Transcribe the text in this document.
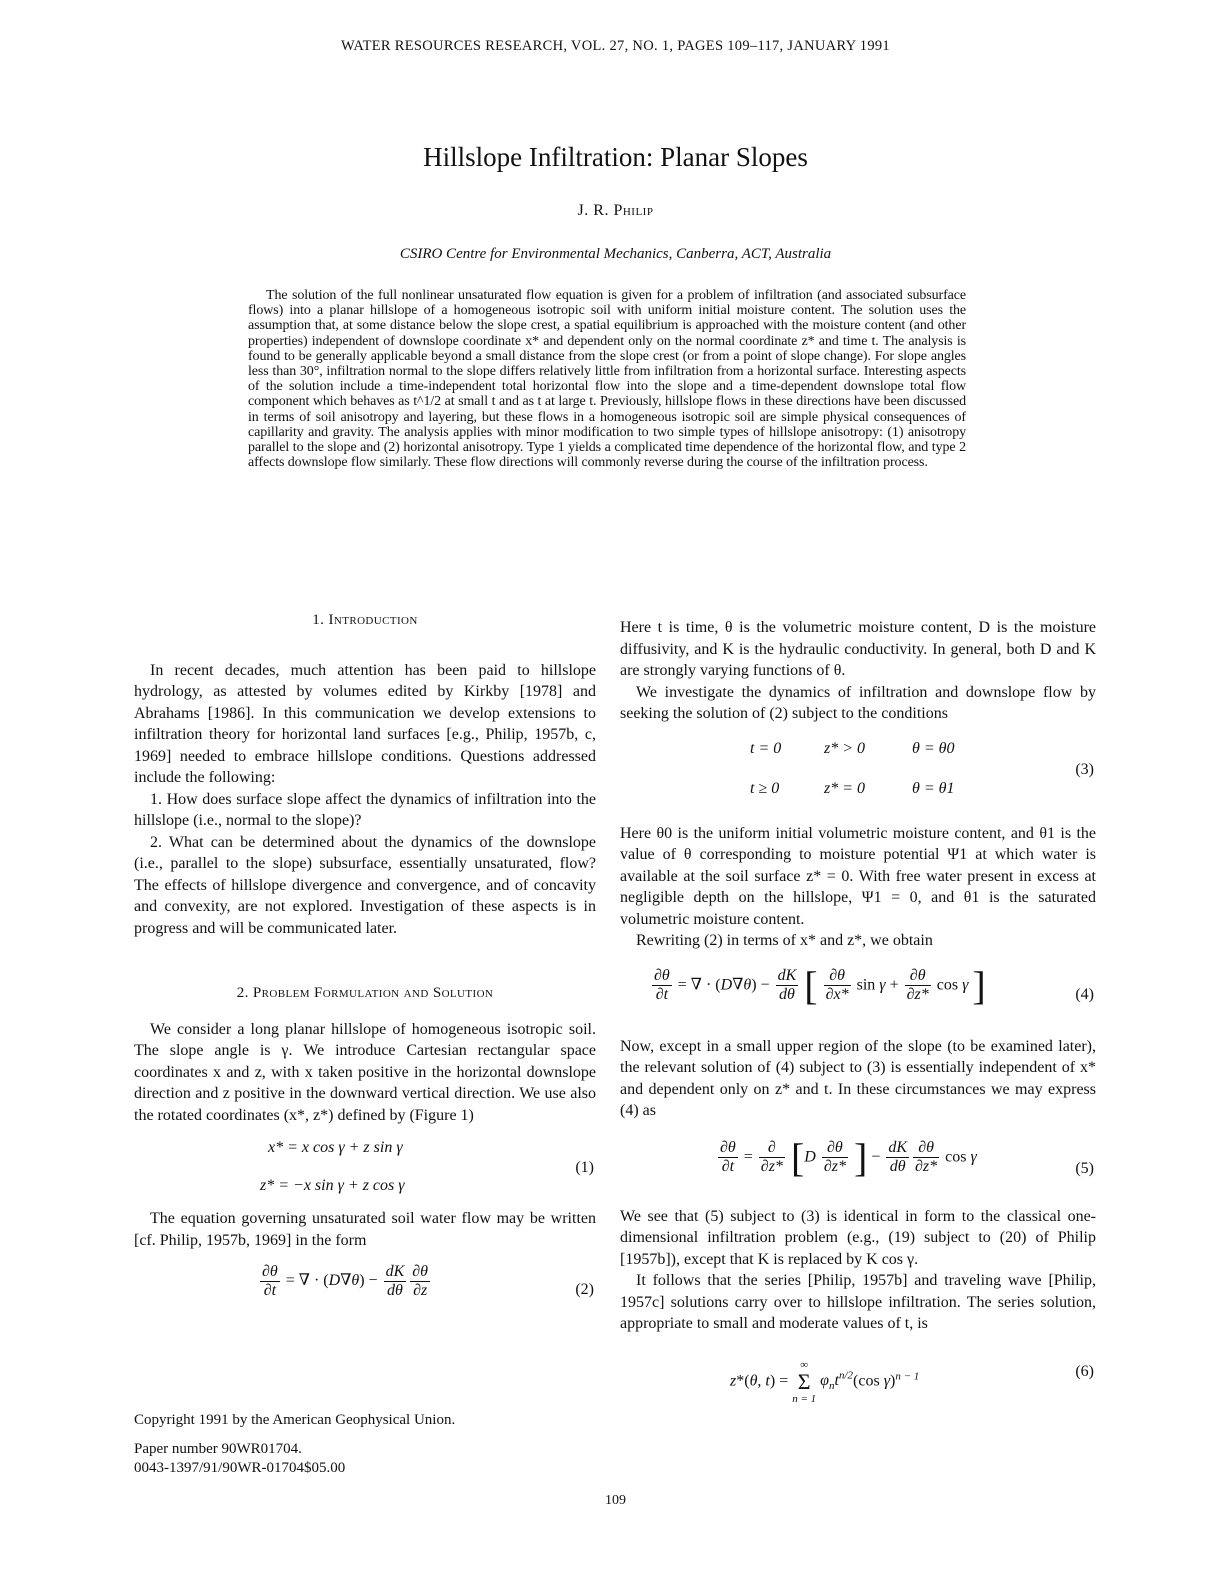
WATER RESOURCES RESEARCH, VOL. 27, NO. 1, PAGES 109–117, JANUARY 1991
Hillslope Infiltration: Planar Slopes
J. R. Philip
CSIRO Centre for Environmental Mechanics, Canberra, ACT, Australia
The solution of the full nonlinear unsaturated flow equation is given for a problem of infiltration (and associated subsurface flows) into a planar hillslope of a homogeneous isotropic soil with uniform initial moisture content. The solution uses the assumption that, at some distance below the slope crest, a spatial equilibrium is approached with the moisture content (and other properties) independent of downslope coordinate x* and dependent only on the normal coordinate z* and time t. The analysis is found to be generally applicable beyond a small distance from the slope crest (or from a point of slope change). For slope angles less than 30°, infiltration normal to the slope differs relatively little from infiltration from a horizontal surface. Interesting aspects of the solution include a time-independent total horizontal flow into the slope and a time-dependent downslope total flow component which behaves as t^1/2 at small t and as t at large t. Previously, hillslope flows in these directions have been discussed in terms of soil anisotropy and layering, but these flows in a homogeneous isotropic soil are simple physical consequences of capillarity and gravity. The analysis applies with minor modification to two simple types of hillslope anisotropy: (1) anisotropy parallel to the slope and (2) horizontal anisotropy. Type 1 yields a complicated time dependence of the horizontal flow, and type 2 affects downslope flow similarly. These flow directions will commonly reverse during the course of the infiltration process.
1. Introduction

In recent decades, much attention has been paid to hillslope hydrology, as attested by volumes edited by Kirkby [1978] and Abrahams [1986]. In this communication we develop extensions to infiltration theory for horizontal land surfaces [e.g., Philip, 1957b, c, 1969] needed to embrace hillslope conditions. Questions addressed include the following:

1. How does surface slope affect the dynamics of infiltration into the hillslope (i.e., normal to the slope)?

2. What can be determined about the dynamics of the downslope (i.e., parallel to the slope) subsurface, essentially unsaturated, flow? The effects of hillslope divergence and convergence, and of concavity and convexity, are not explored. Investigation of these aspects is in progress and will be communicated later.

2. Problem Formulation and Solution

We consider a long planar hillslope of homogeneous isotropic soil. The slope angle is γ. We introduce Cartesian rectangular space coordinates x and z, with x taken positive in the horizontal downslope direction and z positive in the downward vertical direction. We use also the rotated coordinates (x*, z*) defined by (Figure 1)

x* = x cos γ + z sin γ
z* = −x sin γ + z cos γ
(1)

The equation governing unsaturated soil water flow may be written [cf. Philip, 1957b, 1969] in the form

$\frac{\partial\theta}{\partial t}$ = ∇ · $(D\nabla\theta) - \frac{dK}{d\theta} \frac{\partial\theta}{\partial z}$	(2)
Copyright 1991 by the American Geophysical Union.
Paper number 90WR01704.
0043-1397/91/90WR-01704$05.00

Here t is time, θ is the volumetric moisture content, D is the moisture diffusivity, and K is the hydraulic conductivity. In general, both D and K are strongly varying functions of θ.

We investigate the dynamics of infiltration and downslope flow by seeking the solution of (2) subject to the conditions

t = 0	z* > 0	θ = θ0
t ≥ 0	z* = 0	θ = θ1
(3)

Here θ0 is the uniform initial volumetric moisture content, and θ1 is the value of θ corresponding to moisture potential Ψ1 at which water is available at the soil surface z* = 0. With free water present in excess at negligible depth on the hillslope, Ψ1 = 0, and θ1 is the saturated volumetric moisture content.

Rewriting (2) in terms of x* and z*, we obtain

$\frac{\partial\theta}{\partial t}$ = ∇ · $(D\nabla\theta) - \frac{dK}{d\theta}$ [ $\frac{\partial\theta}{\partial x*}$ $\sin \gamma + \frac{\partial\theta}{\partial z*}$ cos γ ]	(4)

Now, except in a small upper region of the slope (to be examined later), the relevant solution of (4) subject to (3) is essentially independent of x* and dependent only on z* and t. In these circumstances we may express (4) as

$\frac{\partial\theta}{\partial t} = \frac{\partial}{\partial z*} [D \frac{\partial\theta}{\partial z*}$ ] − $\frac{dK}{d\theta} \frac{\partial\theta}{\partial z*}$ cos γ
(5)

We see that (5) subject to (3) is identical in form to the classical one-dimensional infiltration problem (e.g., (19) subject to (20) of Philip [1957b]), except that K is replaced by K cos γ.

It follows that the series [Philip, 1957b] and traveling wave [Philip, 1957c] solutions carry over to hillslope infiltration. The series solution, appropriate to small and moderate values of t, is

z*(θ, t) =
∞
Σ
n = 1
$\varphi_nt^{n/2}(\cos$ γ)$^{n - 1}$	(6)
109
